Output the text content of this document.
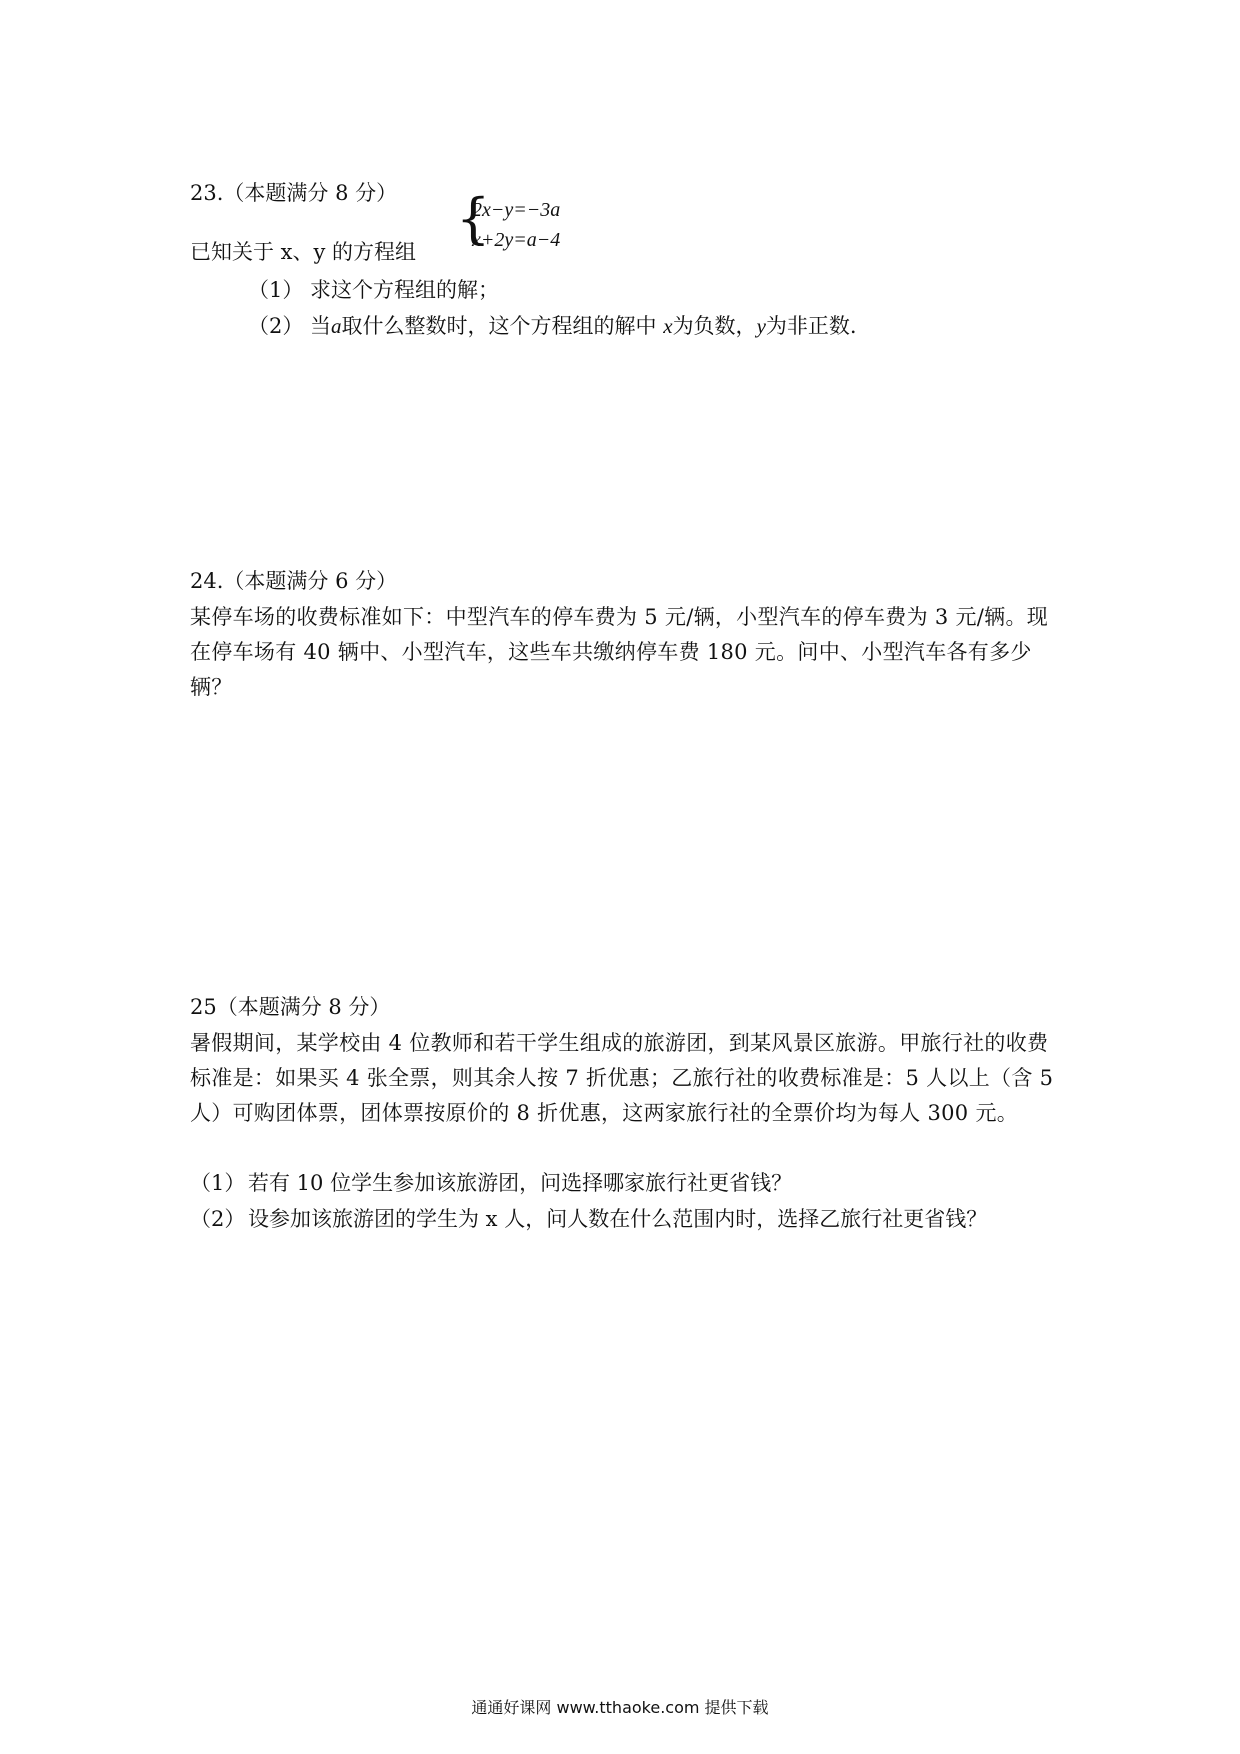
23.（本题满分 8 分）
已知关于 x、y 的方程组
{
2x−y=−3a
x+2y=a−4
（1） 求这个方程组的解；
（2） 当a取什么整数时，这个方程组的解中 x为负数，y为非正数.
24.（本题满分 6 分）
某停车场的收费标准如下：中型汽车的停车费为 5 元/辆，小型汽车的停车费为 3 元/辆。现在停车场有 40 辆中、小型汽车，这些车共缴纳停车费 180 元。问中、小型汽车各有多少辆？
25（本题满分 8 分）
暑假期间，某学校由 4 位教师和若干学生组成的旅游团，到某风景区旅游。甲旅行社的收费标准是：如果买 4 张全票，则其余人按 7 折优惠；乙旅行社的收费标准是：5 人以上（含 5 人）可购团体票，团体票按原价的 8 折优惠，这两家旅行社的全票价均为每人 300 元。
（1） 若有 10 位学生参加该旅游团，问选择哪家旅行社更省钱？
（2） 设参加该旅游团的学生为 x 人，问人数在什么范围内时，选择乙旅行社更省钱？
通通好课网 www.tthaoke.com 提供下载
